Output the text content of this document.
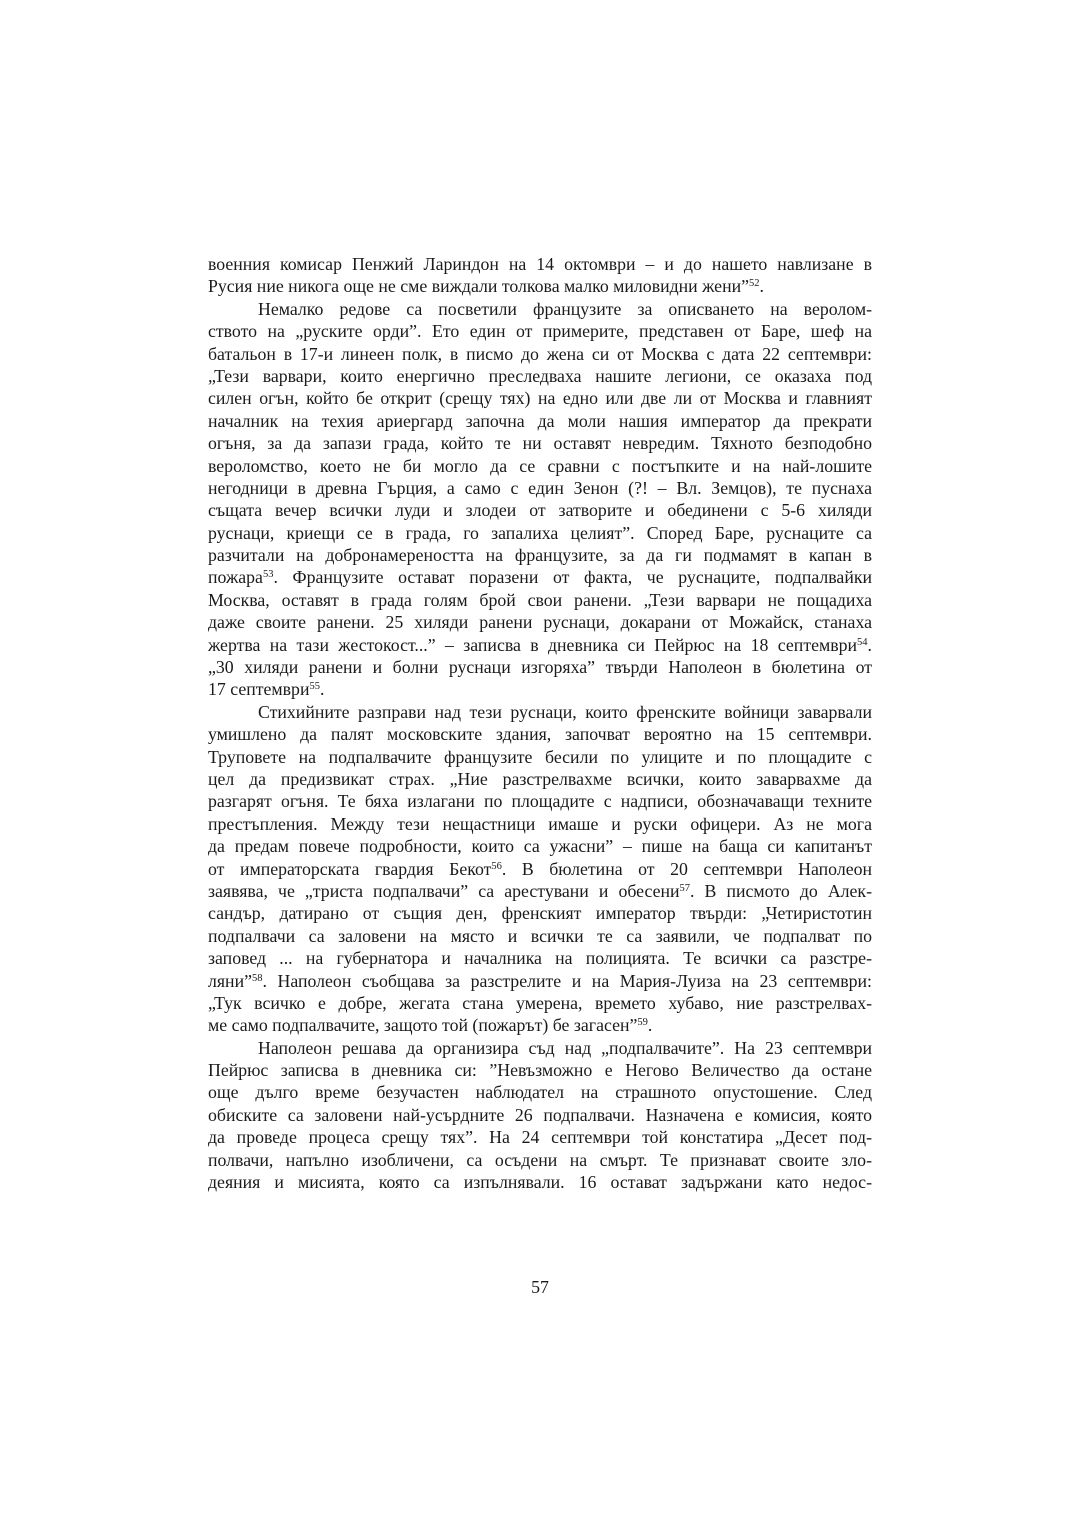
военния комисар Пенжий Лариндон на 14 октомври – и до нашето навлизане в
Русия ние никога още не сме виждали толкова малко миловидни жени”$^{52}$.
Немалко редове са посветили французите за описването на веролом-
ството на „руските орди”. Ето един от примерите, представен от Баре, шеф на
батальон в 17-и линеен полк, в писмо до жена си от Москва с дата 22 септември:
„Тези варвари, които енергично преследваха нашите легиони, се оказаха под
силен огън, който бе открит (срещу тях) на едно или две ли от Москва и главният
началник на техия ариергард започна да моли нашия император да прекрати
огъня, за да запази града, който те ни оставят невредим. Тяхното безподобно
вероломство, което не би могло да се сравни с постъпките и на най-лошите
негодници в древна Гърция, а само с един Зенон (?! – Вл. Земцов), те пуснаха
същата вечер всички луди и злодеи от затворите и обединени с 5-6 хиляди
руснаци, криещи се в града, го запалиха целият”. Според Баре, руснаците са
разчитали на добронамереността на французите, за да ги подмамят в капан в
пожара$^{53}$. Французите остават поразени от факта, че руснаците, подпалвайки
Москва, оставят в града голям брой свои ранени. „Тези варвари не пощадиха
даже своите ранени. 25 хиляди ранени руснаци, докарани от Можайск, станаха
жертва на тази жестокост...” – записва в дневника си Пейрюс на 18 септември$^{54}$.
„30 хиляди ранени и болни руснаци изгоряха” твърди Наполеон в бюлетина от
17 септември$^{55}$.
Стихийните разправи над тези руснаци, които френските войници заварвали
умишлено да палят московските здания, започват вероятно на 15 септември.
Труповете на подпалвачите французите бесили по улиците и по площадите с
цел да предизвикат страх. „Ние разстрелвахме всички, които заварвахме да
разгарят огъня. Те бяха излагани по площадите с надписи, обозначаващи техните
престъпления. Между тези нещастници имаше и руски офицери. Аз не мога
да предам повече подробности, които са ужасни” – пише на баща си капитанът
от императорската гвардия Бекот$^{56}$. В бюлетина от 20 септември Наполеон
заявява, че „триста подпалвачи” са арестувани и обесени$^{57}$. В писмото до Алек-
сандър, датирано от същия ден, френският император твърди: „Четиристотин
подпалвачи са заловени на място и всички те са заявили, че подпалват по
заповед ... на губернатора и началника на полицията. Те всички са разстре-
ляни”$^{58}$. Наполеон съобщава за разстрелите и на Мария-Луиза на 23 септември:
„Тук всичко е добре, жегата стана умерена, времето хубаво, ние разстрелвах-
ме само подпалвачите, защото той (пожарът) бе загасен”$^{59}$.
Наполеон решава да организира съд над „подпалвачите”. На 23 септември
Пейрюс записва в дневника си: ”Невъзможно е Негово Величество да остане
още дълго време безучастен наблюдател на страшното опустошение. След
обиските са заловени най-усърдните 26 подпалвачи. Назначена е комисия, която
да проведе процеса срещу тях”. На 24 септември той констатира „Десет под-
полвачи, напълно изобличени, са осъдени на смърт. Те признават своите зло-
деяния и мисията, която са изпълнявали. 16 остават задържани като недос-
57
